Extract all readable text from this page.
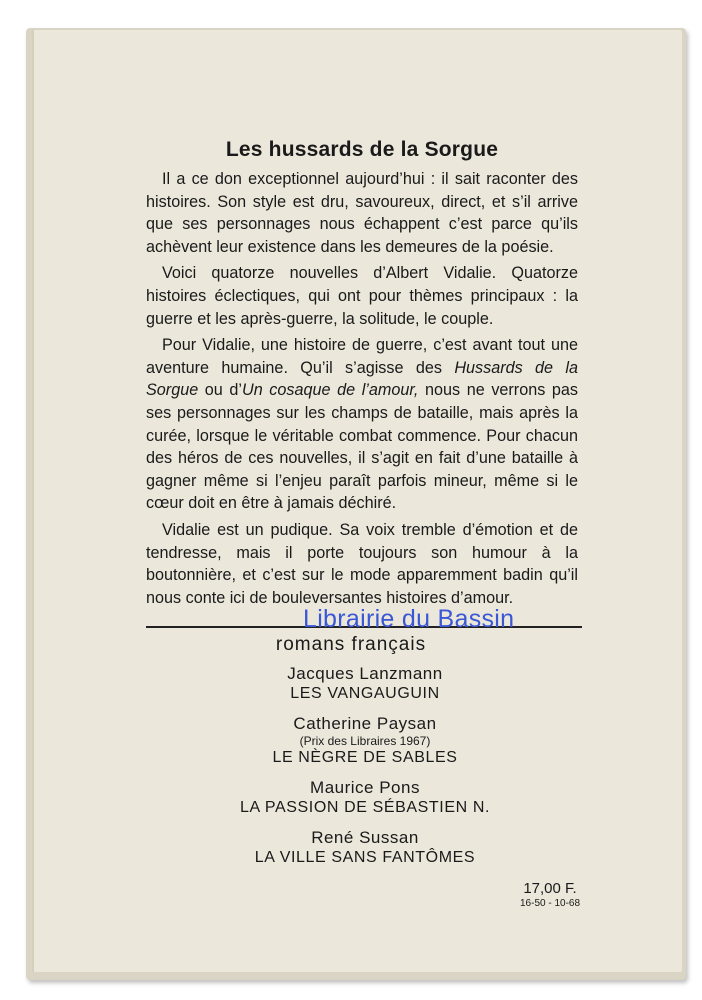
Les hussards de la Sorgue

Il a ce don exceptionnel aujourd’hui : il sait raconter des histoires. Son style est dru, savoureux, direct, et s’il arrive que ses personnages nous échappent c’est parce qu’ils achèvent leur existence dans les demeures de la poésie.

Voici quatorze nouvelles d’Albert Vidalie. Quatorze histoires éclectiques, qui ont pour thèmes principaux : la guerre et les après-guerre, la solitude, le couple.

Pour Vidalie, une histoire de guerre, c’est avant tout une aventure humaine. Qu’il s’agisse des Hussards de la Sorgue ou d’Un cosaque de l’amour, nous ne verrons pas ses personnages sur les champs de bataille, mais après la curée, lorsque le véritable combat commence. Pour chacun des héros de ces nouvelles, il s’agit en fait d’une bataille à gagner même si l’enjeu paraît parfois mineur, même si le cœur doit en être à jamais déchiré.

Vidalie est un pudique. Sa voix tremble d’émotion et de tendresse, mais il porte toujours son humour à la boutonnière, et c’est sur le mode apparemment badin qu’il nous conte ici de bouleversantes histoires d’amour.

Librairie du Bassin
romans français
Jacques Lanzmann
LES VANGAUGUIN
Catherine Paysan
(Prix des Libraires 1967)
LE NÈGRE DE SABLES
Maurice Pons
LA PASSION DE SÉBASTIEN N.
René Sussan
LA VILLE SANS FANTÔMES
17,00 F.
16-50 - 10-68
